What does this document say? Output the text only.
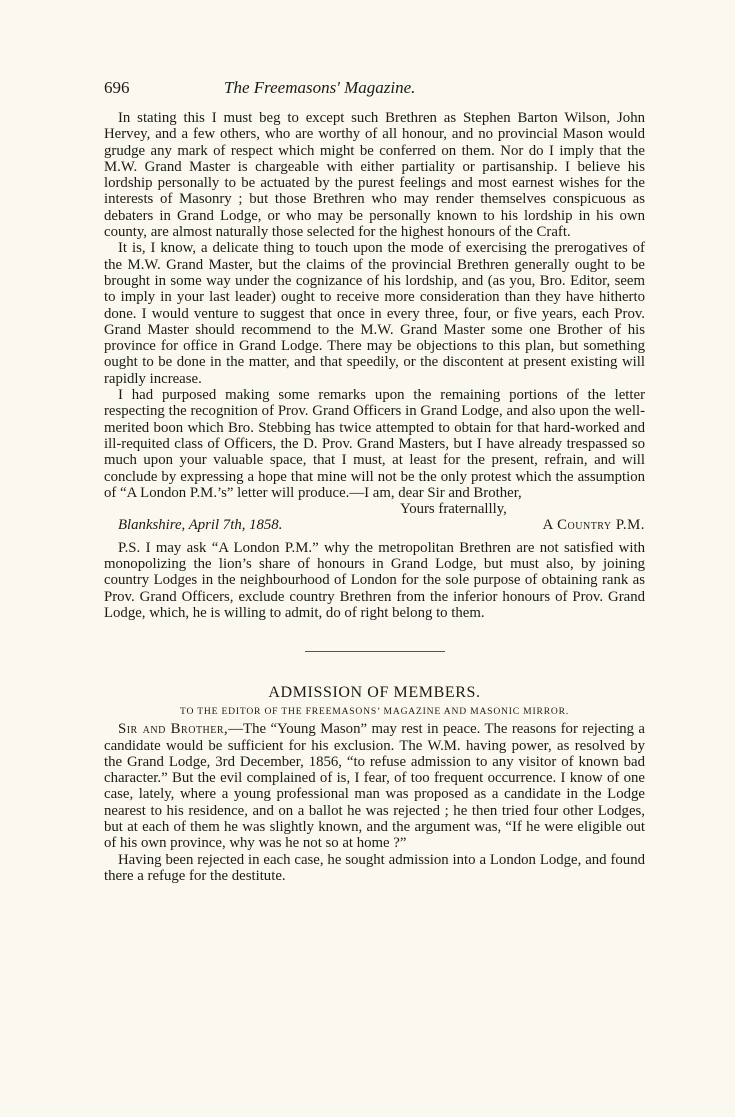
696	The Freemasons' Magazine.

In stating this I must beg to except such Brethren as Stephen Barton Wilson, John Hervey, and a few others, who are worthy of all honour, and no provincial Mason would grudge any mark of respect which might be conferred on them. Nor do I imply that the M.W. Grand Master is chargeable with either partiality or partisanship. I believe his lordship personally to be actuated by the purest feelings and most earnest wishes for the interests of Masonry ; but those Brethren who may render themselves conspicuous as debaters in Grand Lodge, or who may be personally known to his lordship in his own county, are almost naturally those selected for the highest honours of the Craft.

It is, I know, a delicate thing to touch upon the mode of exercising the prerogatives of the M.W. Grand Master, but the claims of the provincial Brethren generally ought to be brought in some way under the cognizance of his lordship, and (as you, Bro. Editor, seem to imply in your last leader) ought to receive more consideration than they have hitherto done. I would venture to suggest that once in every three, four, or five years, each Prov. Grand Master should recommend to the M.W. Grand Master some one Brother of his province for office in Grand Lodge. There may be objections to this plan, but something ought to be done in the matter, and that speedily, or the discontent at present existing will rapidly increase.

I had purposed making some remarks upon the remaining portions of the letter respecting the recognition of Prov. Grand Officers in Grand Lodge, and also upon the well-merited boon which Bro. Stebbing has twice attempted to obtain for that hard-worked and ill-requited class of Officers, the D. Prov. Grand Masters, but I have already trespassed so much upon your valuable space, that I must, at least for the present, refrain, and will conclude by expressing a hope that mine will not be the only protest which the assumption of “A London P.M.’s” letter will produce.—I am, dear Sir and Brother,

Yours fraternallly,
Blankshire, April 7th, 1858.	A Country P.M.

P.S. I may ask “A London P.M.” why the metropolitan Brethren are not satisfied with monopolizing the lion’s share of honours in Grand Lodge, but must also, by joining country Lodges in the neighbourhood of London for the sole purpose of obtaining rank as Prov. Grand Officers, exclude country Brethren from the inferior honours of Prov. Grand Lodge, which, he is willing to admit, do of right belong to them.

ADMISSION OF MEMBERS.
TO THE EDITOR OF THE FREEMASONS’ MAGAZINE AND MASONIC MIRROR.

Sir and Brother,—The “Young Mason” may rest in peace. The reasons for rejecting a candidate would be sufficient for his exclusion. The W.M. having power, as resolved by the Grand Lodge, 3rd December, 1856, “to refuse admission to any visitor of known bad character.” But the evil complained of is, I fear, of too frequent occurrence. I know of one case, lately, where a young professional man was proposed as a candidate in the Lodge nearest to his residence, and on a ballot he was rejected ; he then tried four other Lodges, but at each of them he was slightly known, and the argument was, “If he were eligible out of his own province, why was he not so at home ?”

Having been rejected in each case, he sought admission into a London Lodge, and found there a refuge for the destitute.
